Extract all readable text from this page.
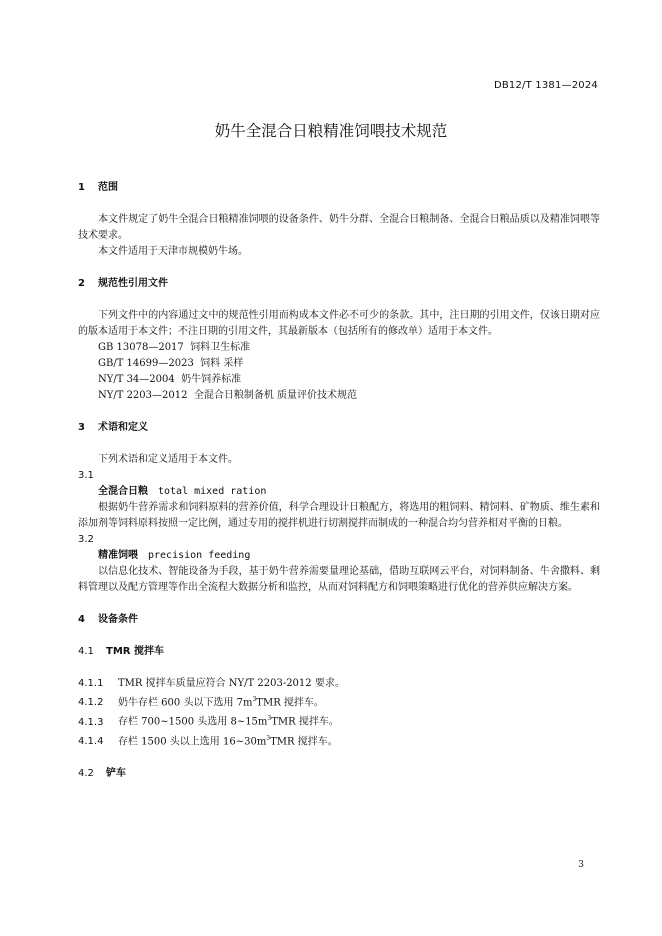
DB12/T 1381—2024
奶牛全混合日粮精准饲喂技术规范

1 范围

本文件规定了奶牛全混合日粮精准饲喂的设备条件、奶牛分群、全混合日粮制备、全混合日粮品质以及精准饲喂等技术要求。

本文件适用于天津市规模奶牛场。

2 规范性引用文件

下列文件中的内容通过文中的规范性引用而构成本文件必不可少的条款。其中，注日期的引用文件，仅该日期对应的版本适用于本文件；不注日期的引用文件，其最新版本（包括所有的修改单）适用于本文件。

GB 13078—2017  饲料卫生标准

GB/T 14699—2023  饲料 采样

NY/T 34—2004  奶牛饲养标准

NY/T 2203—2012  全混合日粮制备机 质量评价技术规范

3 术语和定义

下列术语和定义适用于本文件。

3.1

全混合日粮 total mixed ration

根据奶牛营养需求和饲料原料的营养价值，科学合理设计日粮配方，将选用的粗饲料、精饲料、矿物质、维生素和添加剂等饲料原料按照一定比例，通过专用的搅拌机进行切割搅拌而制成的一种混合均匀营养相对平衡的日粮。

3.2

精准饲喂 precision feeding

以信息化技术、智能设备为手段，基于奶牛营养需要量理论基础，借助互联网云平台，对饲料制备、牛舍撒料、剩料管理以及配方管理等作出全流程大数据分析和监控，从而对饲料配方和饲喂策略进行优化的营养供应解决方案。

4 设备条件

4.1 TMR 搅拌车

4.1.1 TMR 搅拌车质量应符合 NY/T 2203-2012 要求。

4.1.2 奶牛存栏 600 头以下选用 $7m^3TMR$ 搅拌车。

4.1.3 存栏 700~1500 头选用 $8\sim 15m^3TMR$ 搅拌车。

4.1.4 存栏 1500 头以上选用 $16\sim 30m^3TMR$ 搅拌车。

4.2 铲车

3
